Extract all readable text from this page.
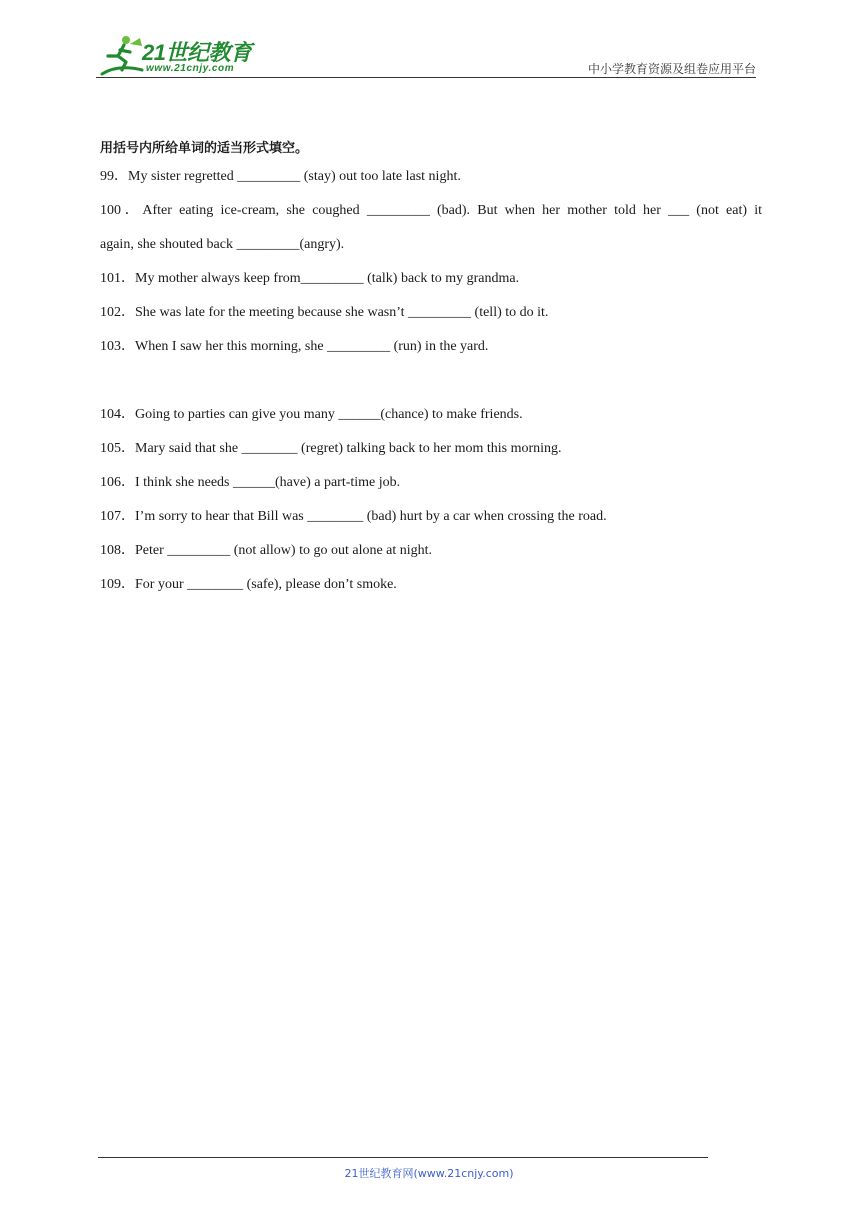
21世纪教育
www.21cnjy.com	中小学教育资源及组卷应用平台
用括号内所给单词的适当形式填空。
99．My sister regretted _________ (stay) out too late last night.
100．After eating ice-cream, she coughed _________ (bad). But when her mother told her ___ (not eat) it
again, she shouted back _________(angry).
101．My mother always keep from_________ (talk) back to my grandma.
102．She was late for the meeting because she wasn’t _________ (tell) to do it.
103．When I saw her this morning, she _________ (run) in the yard.
104．Going to parties can give you many ______(chance) to make friends.
105．Mary said that she ________ (regret) talking back to her mom this morning.
106．I think she needs ______(have) a part-time job.
107．I’m sorry to hear that Bill was ________ (bad) hurt by a car when crossing the road.
108．Peter _________ (not allow) to go out alone at night.
109．For your ________ (safe), please don’t smoke.
21世纪教育网(www.21cnjy.com)
